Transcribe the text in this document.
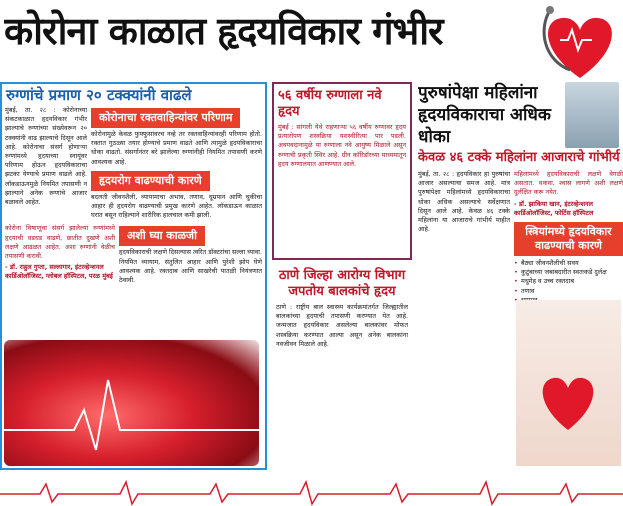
कोरोना काळात हृदयविकार गंभीर
रुग्णांचे प्रमाण २० टक्क्यांनी वाढले
मुंबई, ता. २८ : कोरोनाच्या संकटकाळात हृदयविकार गंभीर झाल्याचे रुग्णांच्या संख्येवरून २० टक्क्यांनी वाढ झाल्याचे दिसून आले आहे. कोरोनाचा संसर्ग होणाऱ्या रुग्णांमध्ये हृदयाच्या स्नायूंवर परिणाम होऊन हृदयविकाराचा झटका येण्याचे प्रमाण वाढले आहे. लॉकडाऊनमुळे नियमित तपासणी न झाल्याने अनेक रुग्णांचे आजार बळावले आहेत.
कोरोनाचा रक्तवाहिन्यांवर परिणाम
कोरोनामुळे केवळ फुफ्फुसांवरच नव्हे तर रक्तवाहिन्यांवरही परिणाम होतो. रक्तात गुठळ्या तयार होण्याचे प्रमाण वाढते आणि त्यामुळे हृदयविकाराचा धोका वाढतो. संसर्गानंतर बरे झालेल्या रुग्णांनीही नियमित तपासणी करणे आवश्यक आहे.
हृदयरोग वाढण्याची कारणे
बदलती जीवनशैली, व्यायामाचा अभाव, तणाव, धूम्रपान आणि चुकीचा आहार ही हृदयरोग वाढण्याची प्रमुख कारणे आहेत. लॉकडाऊन काळात घरात बसून राहिल्याने शारीरिक हालचाल कमी झाली.
कोरोना विषाणूचा संसर्ग झालेल्या रुग्णांमध्ये हृदयाची धडधड वाढणे, छातीत दुखणे अशी लक्षणे आढळत आहेत. अशा रुग्णांनी वेळीच तपासणी करावी.
- डॉ. राहुल गुप्ता, सल्लागार, इंटरव्हेन्शनल कार्डिओलॉजिस्ट, ग्लोबल हॉस्पिटल, परळ मुंबई
अशी घ्या काळजी
हृदयविकाराची लक्षणे दिसल्यास त्वरित डॉक्टरांचा सल्ला घ्यावा. नियमित व्यायाम, संतुलित आहार आणि पुरेशी झोप घेणे आवश्यक आहे. रक्तदाब आणि साखरेची पातळी नियंत्रणात ठेवावी.
५६ वर्षीय रुग्णाला नवे हृदय
मुंबई : सांगली येथे राहणाऱ्या ५६ वर्षीय रुग्णावर हृदय प्रत्यारोपण शस्त्रक्रिया यशस्वीरित्या पार पडली. अवयवदानामुळे या रुग्णाला नवे आयुष्य मिळाले असून रुग्णाची प्रकृती स्थिर आहे. ग्रीन कॉरिडॉरच्या माध्यमातून हृदय रुग्णालयात आणण्यात आले.
ठाणे जिल्हा आरोग्य विभाग जपतोय बालकांचे हृदय
ठाणे : राष्ट्रीय बाल स्वास्थ्य कार्यक्रमांतर्गत जिल्ह्यातील बालकांच्या हृदयाची तपासणी करण्यात येत आहे. जन्मजात हृदयविकार असलेल्या बालकांवर मोफत शस्त्रक्रिया करण्यात आल्या असून अनेक बालकांना नवजीवन मिळाले आहे.
पुरुषांपेक्षा महिलांना हृदयविकाराचा अधिक धोका
केवळ ४६ टक्के महिलांना आजाराचे गांभीर्य
मुंबई, ता. २८ : हृदयविकार हा पुरुषांचा आजार असल्याचा समज आहे. मात्र पुरुषांपेक्षा महिलांमध्ये हृदयविकाराचा धोका अधिक असल्याचे सर्वेक्षणात दिसून आले आहे. केवळ ४६ टक्के महिलांना या आजाराचे गांभीर्य माहीत आहे.
महिलांमध्ये हृदयविकाराची लक्षणे वेगळी असतात. थकवा, श्वास लागणे अशी लक्षणे दुर्लक्षित करू नयेत.
- डॉ. झाकिया खान, इंटरव्हेन्शनल कार्डिओलॉजिस्ट, फोर्टिस हॉस्पिटल
स्त्रियांमध्ये हृदयविकार वाढण्याची कारणे
• बैठ्या जीवनशैलीची सवय
• कुटुंबाच्या जबाबदारीत स्वतःकडे दुर्लक्ष
• मधुमेह व उच्च रक्तदाब
• तणाव
•
